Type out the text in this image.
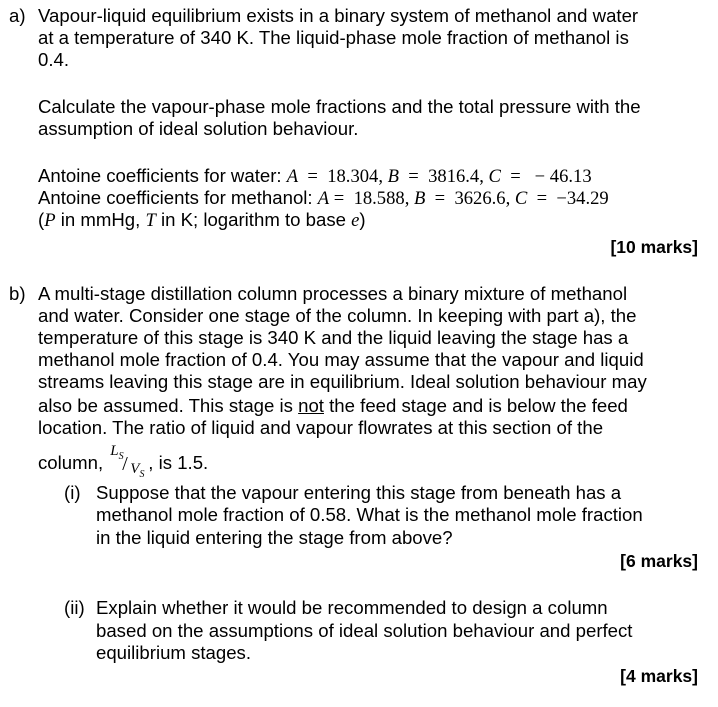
a) Vapour-liquid equilibrium exists in a binary system of methanol and water
at a temperature of 340 K. The liquid-phase mole fraction of methanol is
0.4.
Calculate the vapour-phase mole fractions and the total pressure with the
assumption of ideal solution behaviour.
Antoine coefficients for water: A  =  18.304, B  =  3816.4, C  =   − 46.13
Antoine coefficients for methanol: A =  18.588, B  =  3626.6, C  =  −34.29
(P in mmHg, T in K; logarithm to base e)
[10 marks]
b) A multi-stage distillation column processes a binary mixture of methanol
and water. Consider one stage of the column. In keeping with part a), the
temperature of this stage is 340 K and the liquid leaving the stage has a
methanol mole fraction of 0.4. You may assume that the vapour and liquid
streams leaving this stage are in equilibrium. Ideal solution behaviour may
also be assumed. This stage is not the feed stage and is below the feed
location. The ratio of liquid and vapour flowrates at this section of the
column,
$L_S$
/ $V_S$
, is 1.5.
(i) Suppose that the vapour entering this stage from beneath has a
methanol mole fraction of 0.58. What is the methanol mole fraction
in the liquid entering the stage from above?
[6 marks]
(ii) Explain whether it would be recommended to design a column
based on the assumptions of ideal solution behaviour and perfect
equilibrium stages.
[4 marks]
